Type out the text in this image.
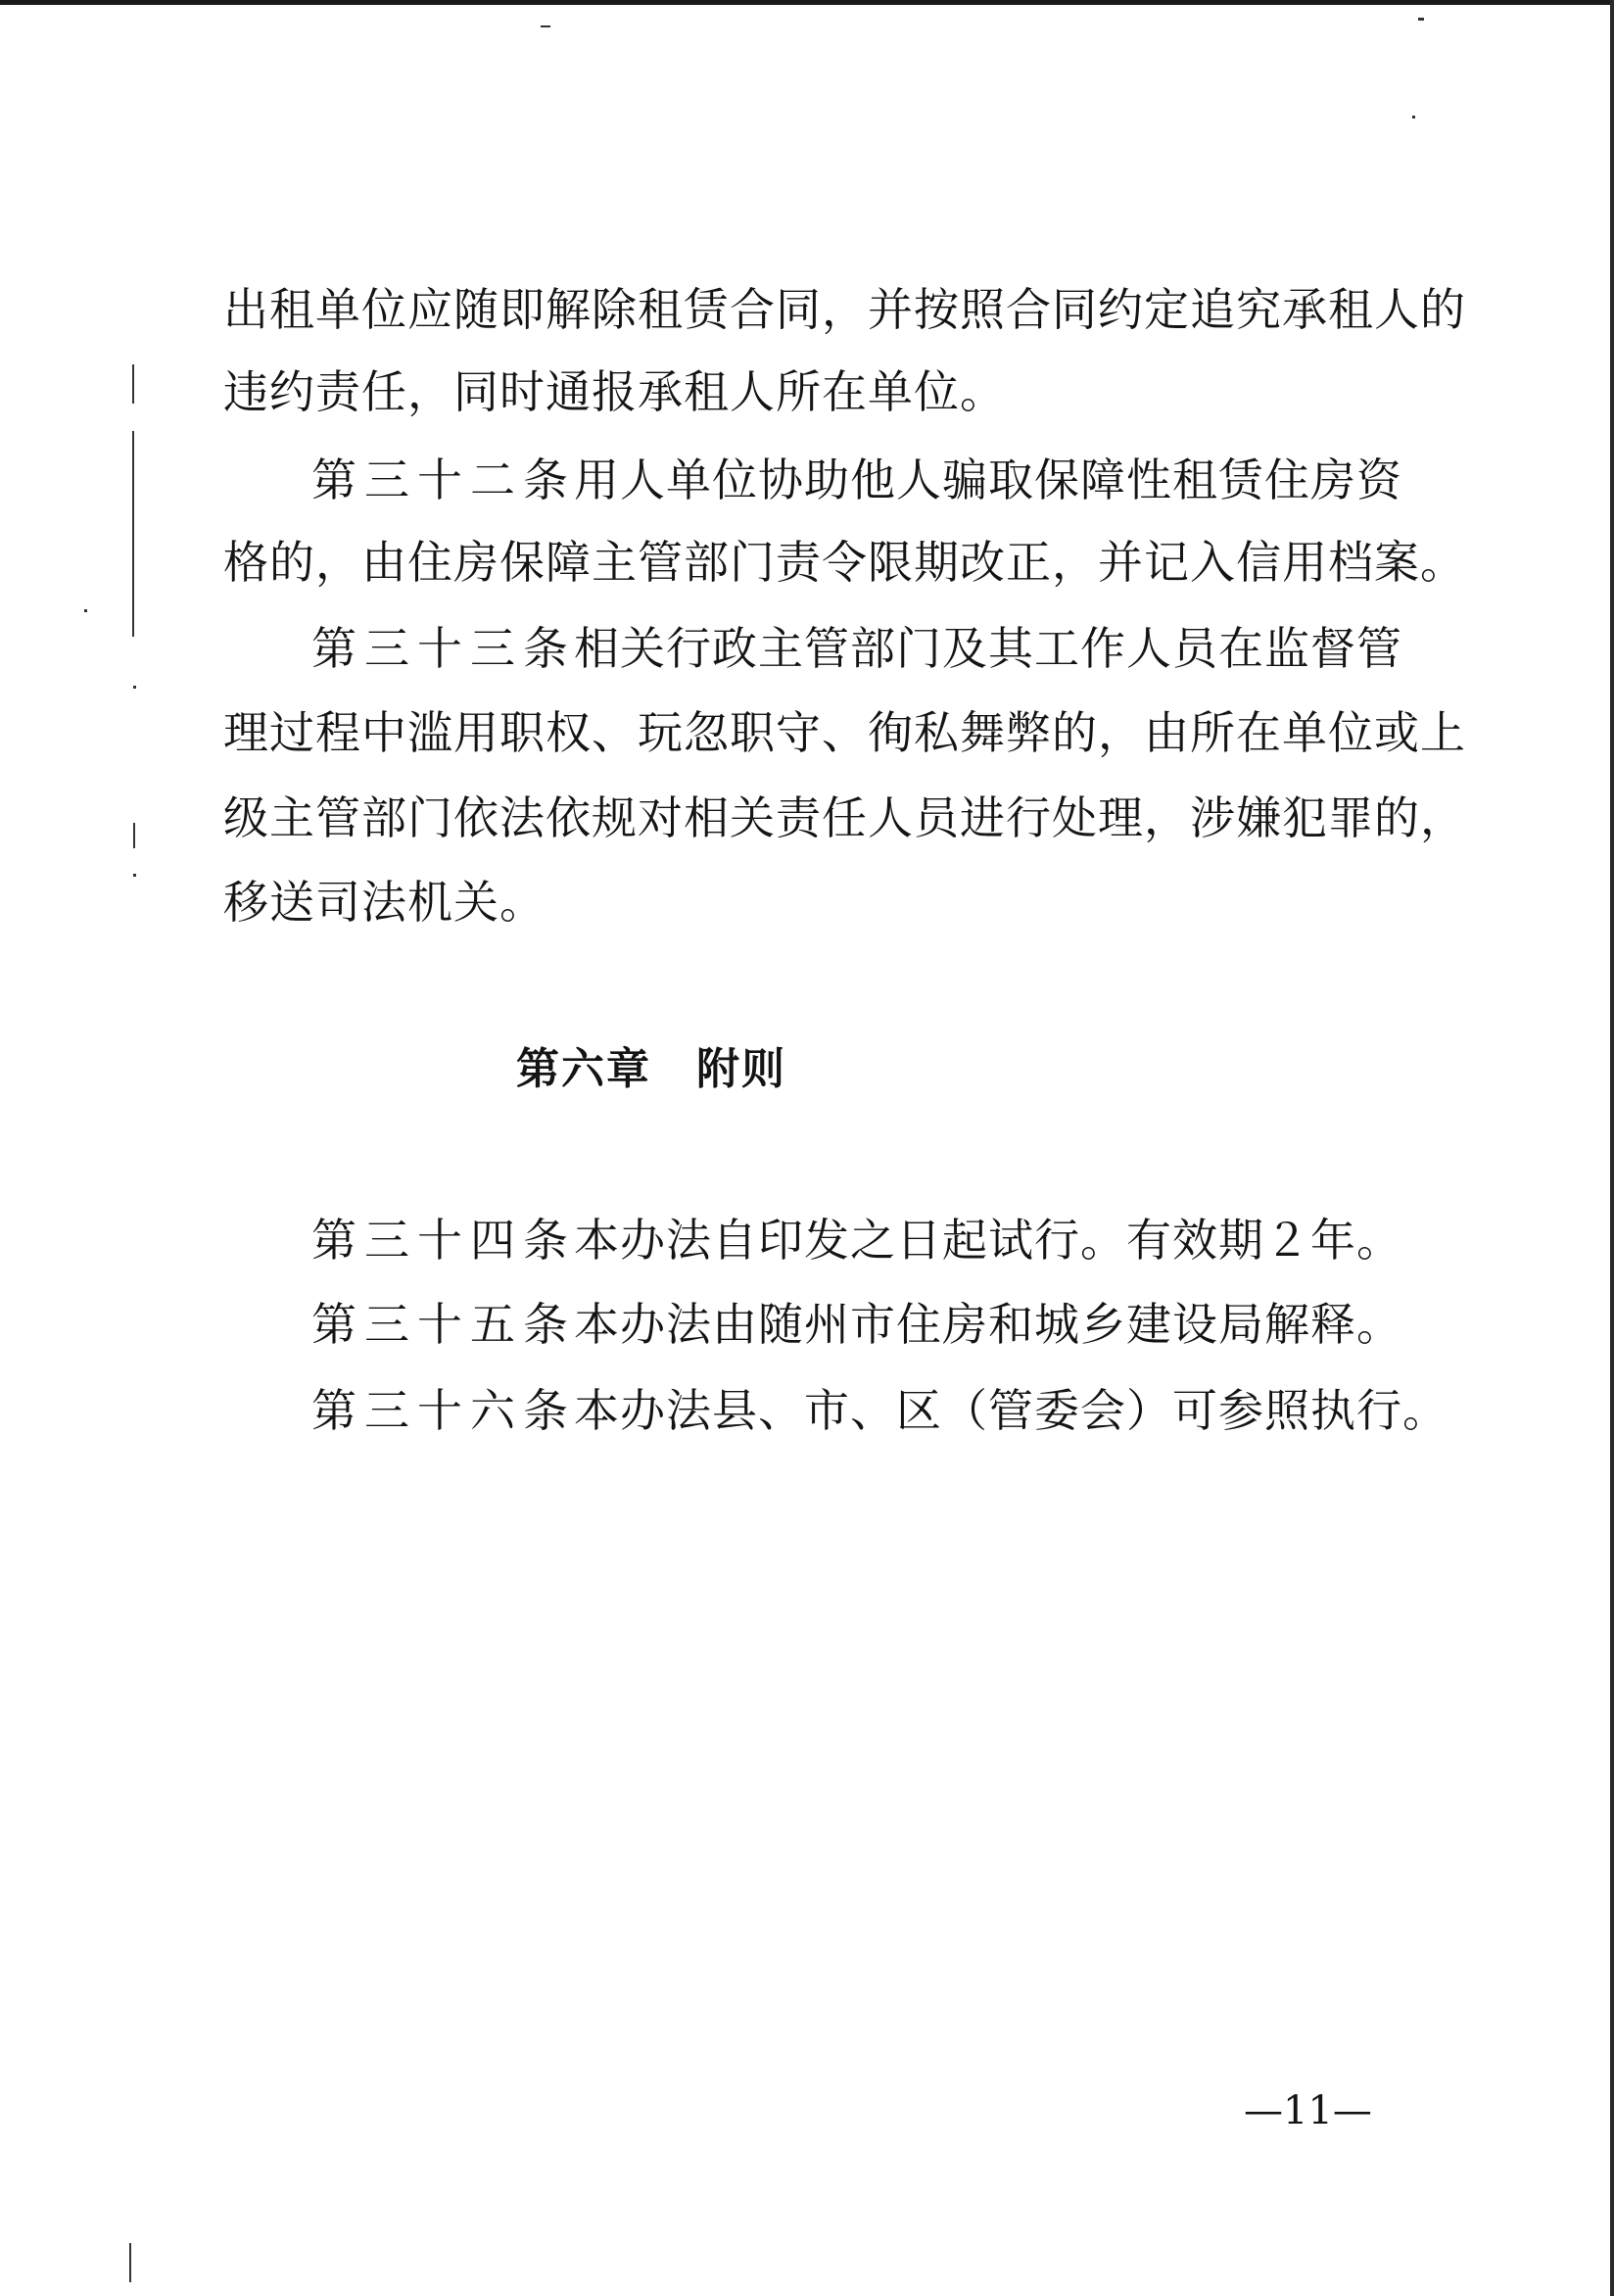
出租单位应随即解除租赁合同，并按照合同约定追究承租人的
违约责任，同时通报承租人所在单位。
第三十二条用人单位协助他人骗取保障性租赁住房资
格的，由住房保障主管部门责令限期改正，并记入信用档案。
第三十三条相关行政主管部门及其工作人员在监督管
理过程中滥用职权、玩忽职守、徇私舞弊的，由所在单位或上
级主管部门依法依规对相关责任人员进行处理，涉嫌犯罪的，
移送司法机关。
第六章 附则
第三十四条本办法自印发之日起试行。有效期２年。
第三十五条本办法由随州市住房和城乡建设局解释。
第三十六条本办法县、市、区（管委会）可参照执行。
—11—
